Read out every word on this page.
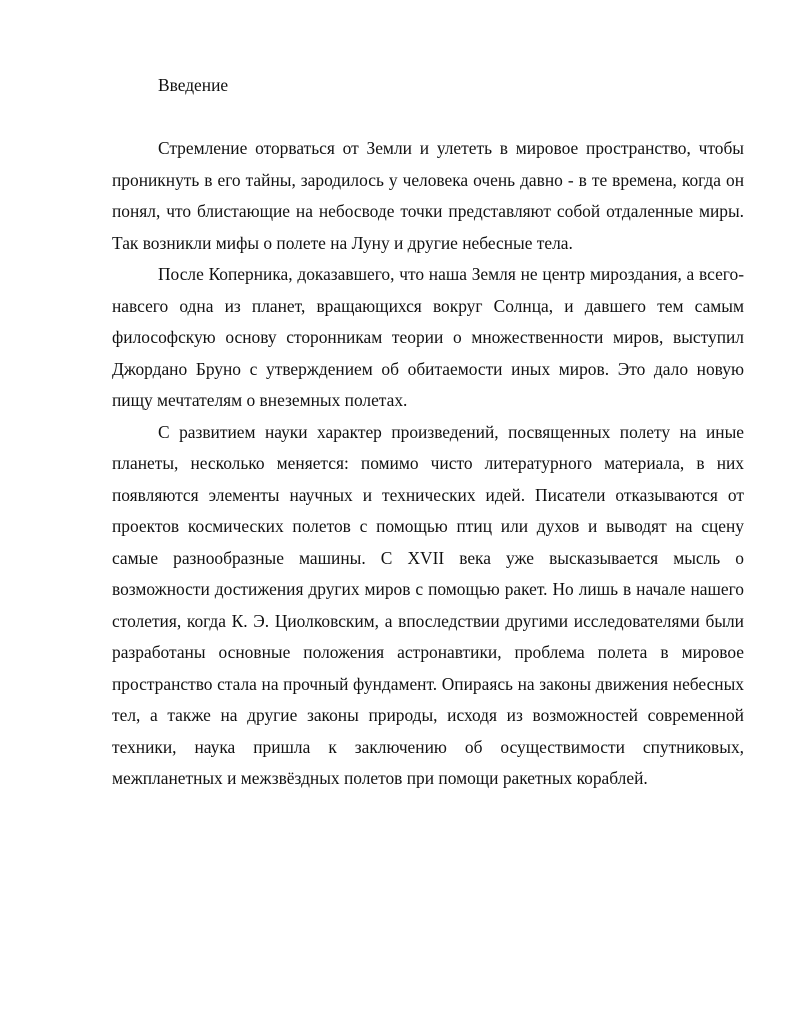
Введение

Стремление оторваться от Земли и улететь в мировое пространство, чтобы проникнуть в его тайны, зародилось у человека очень давно - в те времена, когда он понял, что блистающие на небосводе точки представляют собой отдаленные миры. Так возникли мифы о полете на Луну и другие небесные тела.

После Коперника, доказавшего, что наша Земля не центр мироздания, а всего-навсего одна из планет, вращающихся вокруг Солнца, и давшего тем самым философскую основу сторонникам теории о множественности миров, выступил Джордано Бруно с утверждением об обитаемости иных миров. Это дало новую пищу мечтателям о внеземных полетах.

С развитием науки характер произведений, посвященных полету на иные планеты, несколько меняется: помимо чисто литературного материала, в них появляются элементы научных и технических идей. Писатели отказываются от проектов космических полетов с помощью птиц или духов и выводят на сцену самые разнообразные машины. С XVII века уже высказывается мысль о возможности достижения других миров с помощью ракет. Но лишь в начале нашего столетия, когда К. Э. Циолковским, а впоследствии другими исследователями были разработаны основные положения астронавтики, проблема полета в мировое пространство стала на прочный фундамент. Опираясь на законы движения небесных тел, а также на другие законы природы, исходя из возможностей современной техники, наука пришла к заключению об осуществимости спутниковых, межпланетных и межзвёздных полетов при помощи ракетных кораблей.
